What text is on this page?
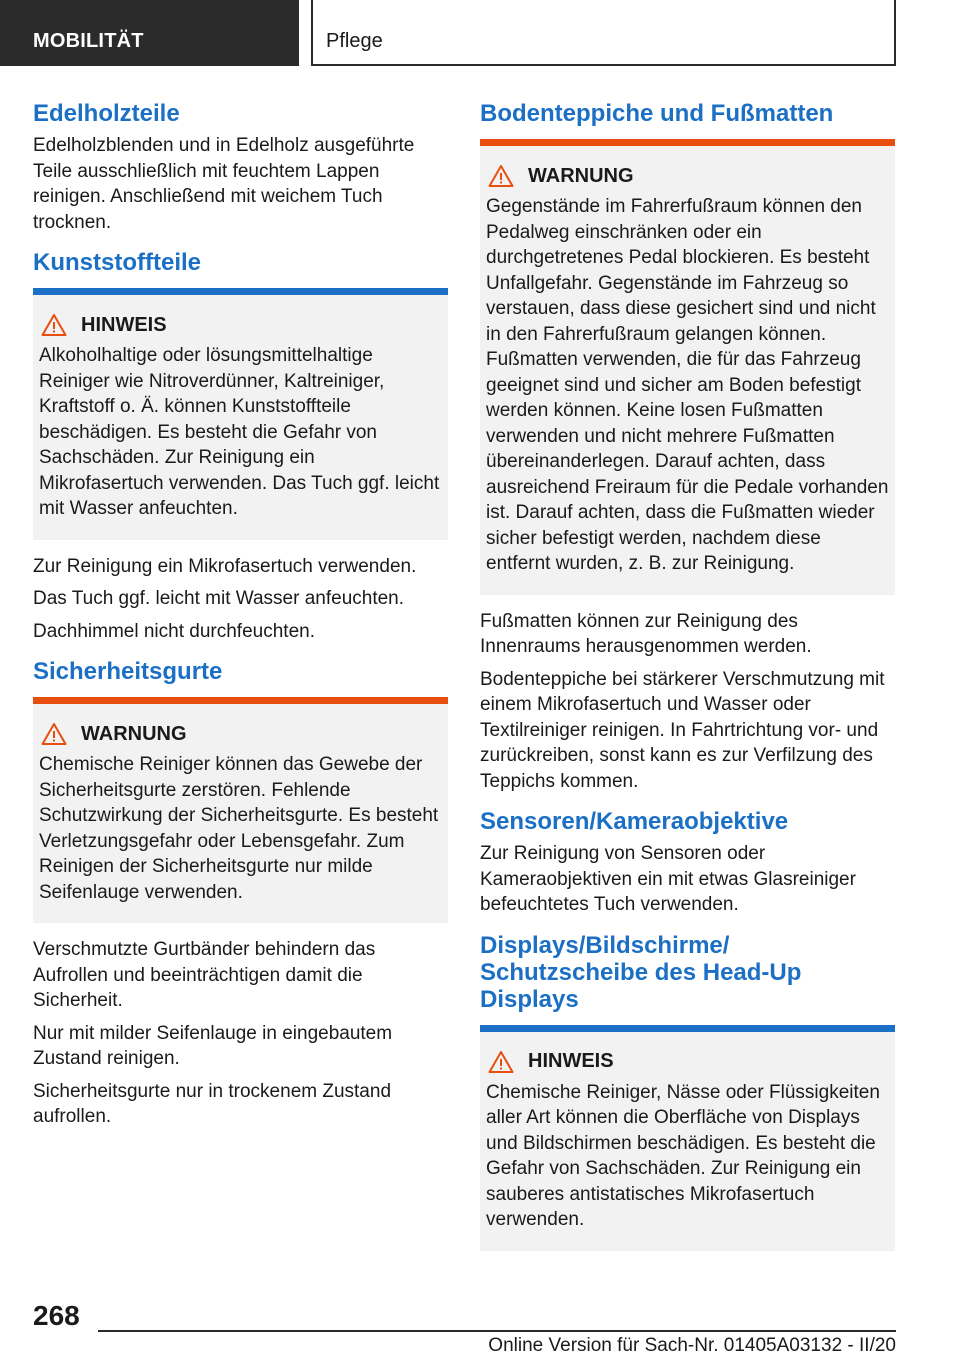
MOBILITÄT	Pflege
Edelholzteile

Edelholzblenden und in Edelholz ausgeführte Teile ausschließlich mit feuchtem Lappen reinigen. Anschließend mit weichem Tuch trocknen.

Kunststoffteile
HINWEIS
Alkoholhaltige oder lösungsmittelhaltige Reiniger wie Nitroverdünner, Kaltreiniger, Kraftstoff o. Ä. können Kunststoffteile beschädigen. Es besteht die Gefahr von Sachschäden. Zur Reinigung ein Mikrofasertuch verwenden. Das Tuch ggf. leicht mit Wasser anfeuchten.

Zur Reinigung ein Mikrofasertuch verwenden.

Das Tuch ggf. leicht mit Wasser anfeuchten.

Dachhimmel nicht durchfeuchten.

Sicherheitsgurte
WARNUNG
Chemische Reiniger können das Gewebe der Sicherheitsgurte zerstören. Fehlende Schutzwirkung der Sicherheitsgurte. Es besteht Verletzungsgefahr oder Lebensgefahr. Zum Reinigen der Sicherheitsgurte nur milde Seifenlauge verwenden.

Verschmutzte Gurtbänder behindern das Aufrollen und beeinträchtigen damit die Sicherheit.

Nur mit milder Seifenlauge in eingebautem Zustand reinigen.

Sicherheitsgurte nur in trockenem Zustand aufrollen.

Bodenteppiche und Fußmatten
WARNUNG
Gegenstände im Fahrerfußraum können den Pedalweg einschränken oder ein durchgetretenes Pedal blockieren. Es besteht Unfallgefahr. Gegenstände im Fahrzeug so verstauen, dass diese gesichert sind und nicht in den Fahrerfußraum gelangen können. Fußmatten verwenden, die für das Fahrzeug geeignet sind und sicher am Boden befestigt werden können. Keine losen Fußmatten verwenden und nicht mehrere Fußmatten übereinanderlegen. Darauf achten, dass ausreichend Freiraum für die Pedale vorhanden ist. Darauf achten, dass die Fußmatten wieder sicher befestigt werden, nachdem diese entfernt wurden, z. B. zur Reinigung.

Fußmatten können zur Reinigung des Innenraums herausgenommen werden.

Bodenteppiche bei stärkerer Verschmutzung mit einem Mikrofasertuch und Wasser oder Textilreiniger reinigen. In Fahrtrichtung vor- und zurückreiben, sonst kann es zur Verfilzung des Teppichs kommen.

Sensoren/Kameraobjektive

Zur Reinigung von Sensoren oder Kameraobjektiven ein mit etwas Glasreiniger befeuchtetes Tuch verwenden.

Displays/Bildschirme/ Schutzscheibe des Head-Up Displays
HINWEIS
Chemische Reiniger, Nässe oder Flüssigkeiten aller Art können die Oberfläche von Displays und Bildschirmen beschädigen. Es besteht die Gefahr von Sachschäden. Zur Reinigung ein sauberes antistatisches Mikrofasertuch verwenden.
268
Online Version für Sach-Nr. 01405A03132 - II/20
